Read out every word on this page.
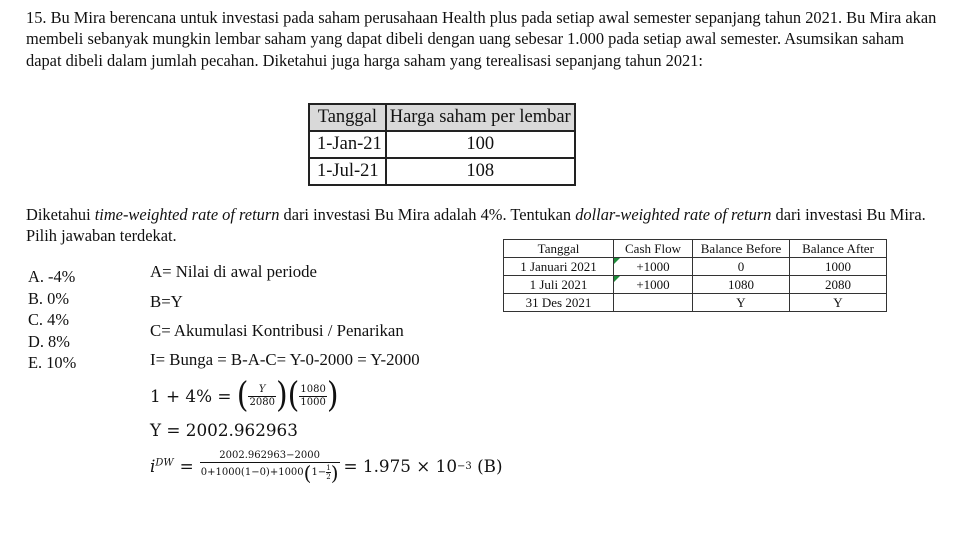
15. Bu Mira berencana untuk investasi pada saham perusahaan Health plus pada setiap awal semester sepanjang tahun 2021. Bu Mira akan membeli sebanyak mungkin lembar saham yang dapat dibeli dengan uang sebesar 1.000 pada setiap awal semester. Asumsikan saham dapat dibeli dalam jumlah pecahan. Diketahui juga harga saham yang terealisasi sepanjang tahun 2021:

Tanggal	Harga saham per lembar
1-Jan-21	100
1-Jul-21	108
Diketahui time-weighted rate of return dari investasi Bu Mira adalah 4%. Tentukan dollar-weighted rate of return dari investasi Bu Mira. Pilih jawaban terdekat.
Tanggal	Cash Flow	Balance Before	Balance After
1 Januari 2021	+1000	0	1000
1 Juli 2021	+1000	1080	2080
31 Des 2021		Y	Y
A. -4%
B. 0%
C. 4%
D. 8%
E. 10%
A= Nilai di awal periode
B=Y
C= Akumulasi Kontribusi / Penarikan
I= Bunga = B-A-C= Y-0-2000 = Y-2000
1 + 4% = ( $\frac{Y}{2080}$ ) ( $\frac{1080}{1000}$ )
Y = 2002.962963
$i^{DW} = \frac{2002.962963-2000}{0+1000(1-0)+1000 ( 1- \frac{1}{2} )} = 1.975 \times 10 -3$ (B)
